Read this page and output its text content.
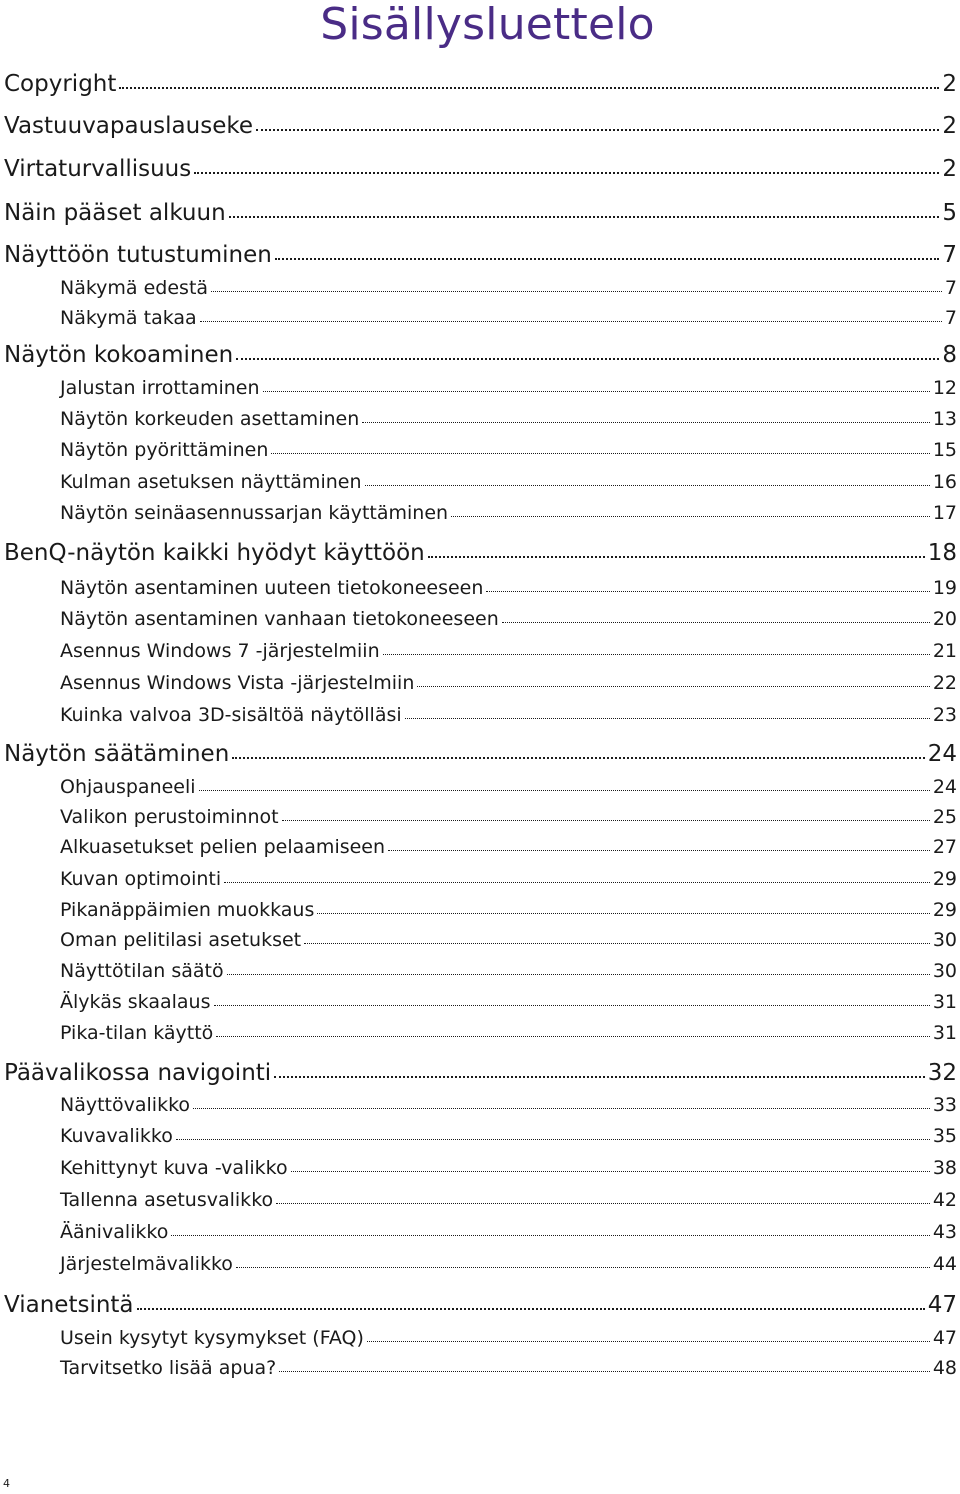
Sisällysluettelo
Copyright	2
Vastuuvapauslauseke	2
Virtaturvallisuus	2
Näin pääset alkuun	5
Näyttöön tutustuminen	7
Näkymä edestä	7
Näkymä takaa	7
Näytön kokoaminen	8
Jalustan irrottaminen	12
Näytön korkeuden asettaminen	13
Näytön pyörittäminen	15
Kulman asetuksen näyttäminen	16
Näytön seinäasennussarjan käyttäminen	17
BenQ-näytön kaikki hyödyt käyttöön	18
Näytön asentaminen uuteen tietokoneeseen	19
Näytön asentaminen vanhaan tietokoneeseen	20
Asennus Windows 7 -järjestelmiin	21
Asennus Windows Vista -järjestelmiin	22
Kuinka valvoa 3D-sisältöä näytölläsi	23
Näytön säätäminen	24
Ohjauspaneeli	24
Valikon perustoiminnot	25
Alkuasetukset pelien pelaamiseen	27
Kuvan optimointi	29
Pikanäppäimien muokkaus	29
Oman pelitilasi asetukset	30
Näyttötilan säätö	30
Älykäs skaalaus	31
Pika-tilan käyttö	31
Päävalikossa navigointi	32
Näyttövalikko	33
Kuvavalikko	35
Kehittynyt kuva -valikko	38
Tallenna asetusvalikko	42
Äänivalikko	43
Järjestelmävalikko	44
Vianetsintä	47
Usein kysytyt kysymykset (FAQ)	47
Tarvitsetko lisää apua?	48
4
